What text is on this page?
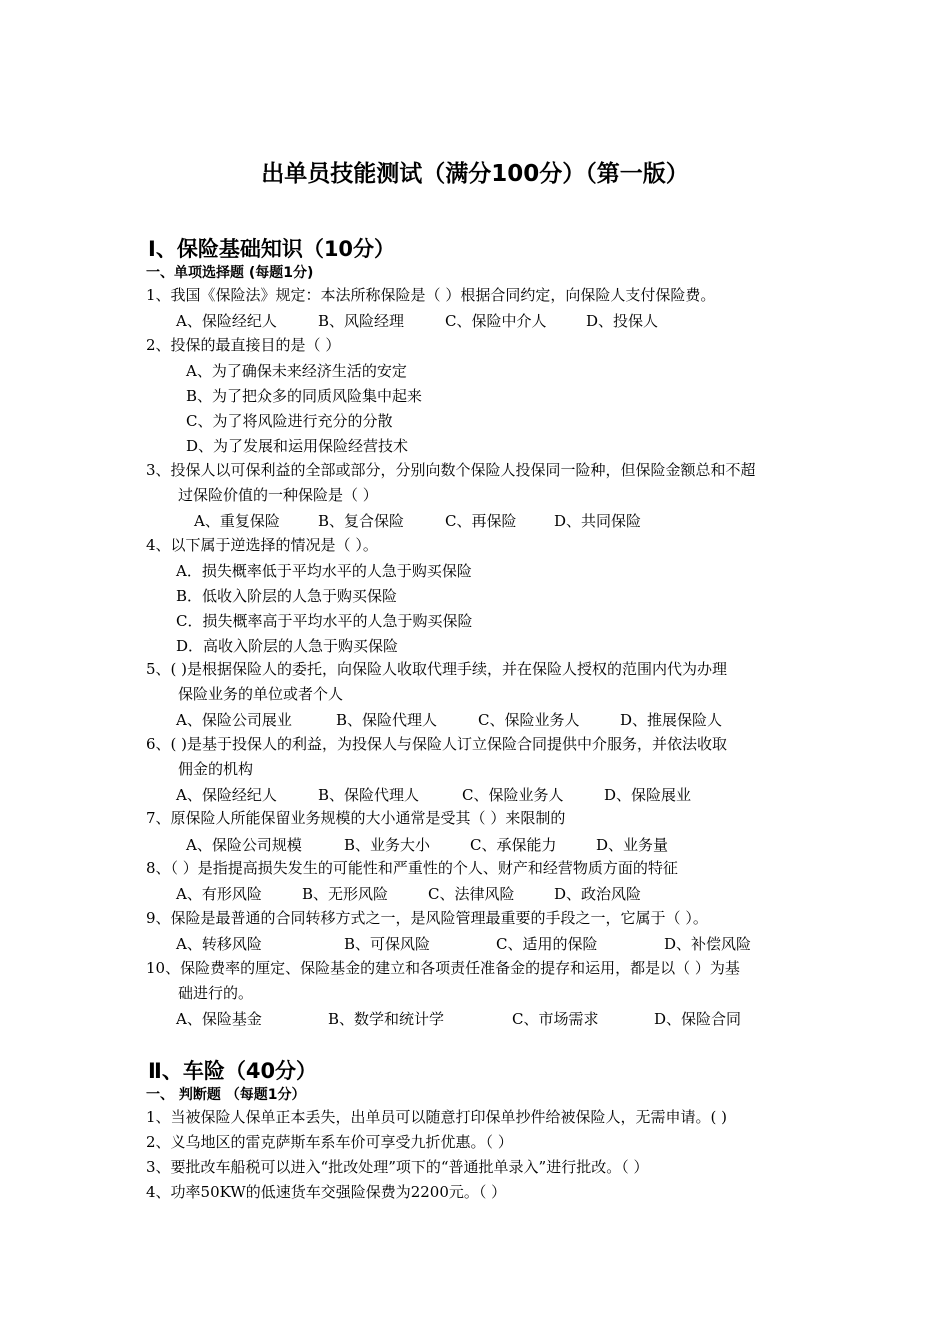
出单员技能测试（满分100分）（第一版）
Ⅰ、保险基础知识（10分）
一、单项选择题 (每题1分)
1、我国《保险法》规定：本法所称保险是（ ）根据合同约定，向保险人支付保险费。
A、保险经纪人	B、风险经理	C、保险中介人	D、投保人
2、投保的最直接目的是（ ）
A、为了确保未来经济生活的安定
B、为了把众多的同质风险集中起来
C、为了将风险进行充分的分散
D、为了发展和运用保险经营技术
3、投保人以可保利益的全部或部分，分别向数个保险人投保同一险种，但保险金额总和不超
过保险价值的一种保险是（ ）
A、重复保险	B、复合保险	C、再保险	D、共同保险
4、以下属于逆选择的情况是（ ）。
A．损失概率低于平均水平的人急于购买保险
B．低收入阶层的人急于购买保险
C．损失概率高于平均水平的人急于购买保险
D．高收入阶层的人急于购买保险
5、( )是根据保险人的委托，向保险人收取代理手续，并在保险人授权的范围内代为办理
保险业务的单位或者个人
A、保险公司展业	B、保险代理人	C、保险业务人	D、推展保险人
6、( )是基于投保人的利益，为投保人与保险人订立保险合同提供中介服务，并依法收取
佣金的机构
A、保险经纪人	B、保险代理人	C、保险业务人	D、保险展业
7、原保险人所能保留业务规模的大小通常是受其（ ）来限制的
A、保险公司规模	B、业务大小	C、承保能力	D、业务量
8、（ ）是指提高损失发生的可能性和严重性的个人、财产和经营物质方面的特征
A、有形风险	B、无形风险	C、法律风险	D、政治风险
9、保险是最普通的合同转移方式之一，是风险管理最重要的手段之一，它属于（ ）。
A、转移风险	B、可保风险	C、适用的保险	D、补偿风险
10、保险费率的厘定、保险基金的建立和各项责任准备金的提存和运用，都是以（ ）为基
础进行的。
A、保险基金	B、数学和统计学	C、市场需求	D、保险合同
Ⅱ、车险（40分）
一、 判断题 （每题1分）
1、当被保险人保单正本丢失，出单员可以随意打印保单抄件给被保险人，无需申请。( )
2、义乌地区的雷克萨斯车系车价可享受九折优惠。（ ）
3、要批改车船税可以进入“批改处理”项下的“普通批单录入”进行批改。（ ）
4、功率50KW的低速货车交强险保费为2200元。（ ）
